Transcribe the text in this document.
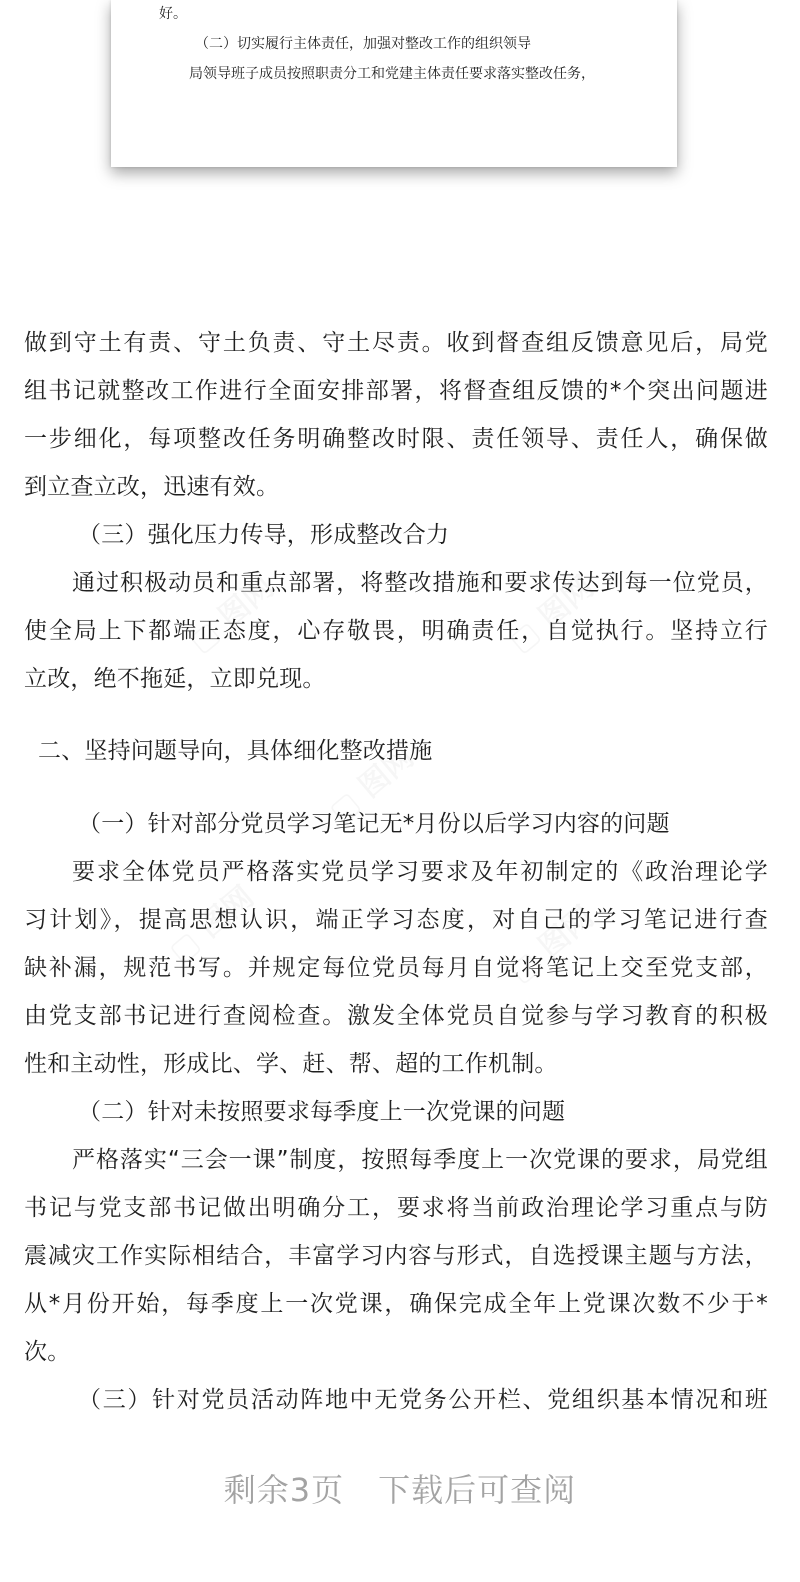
好。
（二）切实履行主体责任，加强对整改工作的组织领导
局领导班子成员按照职责分工和党建主体责任要求落实整改任务，
做到守土有责、守土负责、守土尽责。收到督查组反馈意见后，局党
组书记就整改工作进行全面安排部署，将督查组反馈的*个突出问题进
一步细化，每项整改任务明确整改时限、责任领导、责任人，确保做
到立查立改，迅速有效。
（三）强化压力传导，形成整改合力
通过积极动员和重点部署，将整改措施和要求传达到每一位党员，
使全局上下都端正态度，心存敬畏，明确责任，自觉执行。坚持立行
立改，绝不拖延，立即兑现。
二、坚持问题导向，具体细化整改措施
（一）针对部分党员学习笔记无*月份以后学习内容的问题
要求全体党员严格落实党员学习要求及年初制定的《政治理论学
习计划》，提高思想认识，端正学习态度，对自己的学习笔记进行查
缺补漏，规范书写。并规定每位党员每月自觉将笔记上交至党支部，
由党支部书记进行查阅检查。激发全体党员自觉参与学习教育的积极
性和主动性，形成比、学、赶、帮、超的工作机制。
（二）针对未按照要求每季度上一次党课的问题
严格落实“三会一课”制度，按照每季度上一次党课的要求，局党组
书记与党支部书记做出明确分工，要求将当前政治理论学习重点与防
震减灾工作实际相结合，丰富学习内容与形式，自选授课主题与方法，
从*月份开始，每季度上一次党课，确保完成全年上党课次数不少于*
次。
（三）针对党员活动阵地中无党务公开栏、党组织基本情况和班
剩余3页 下载后可查阅
